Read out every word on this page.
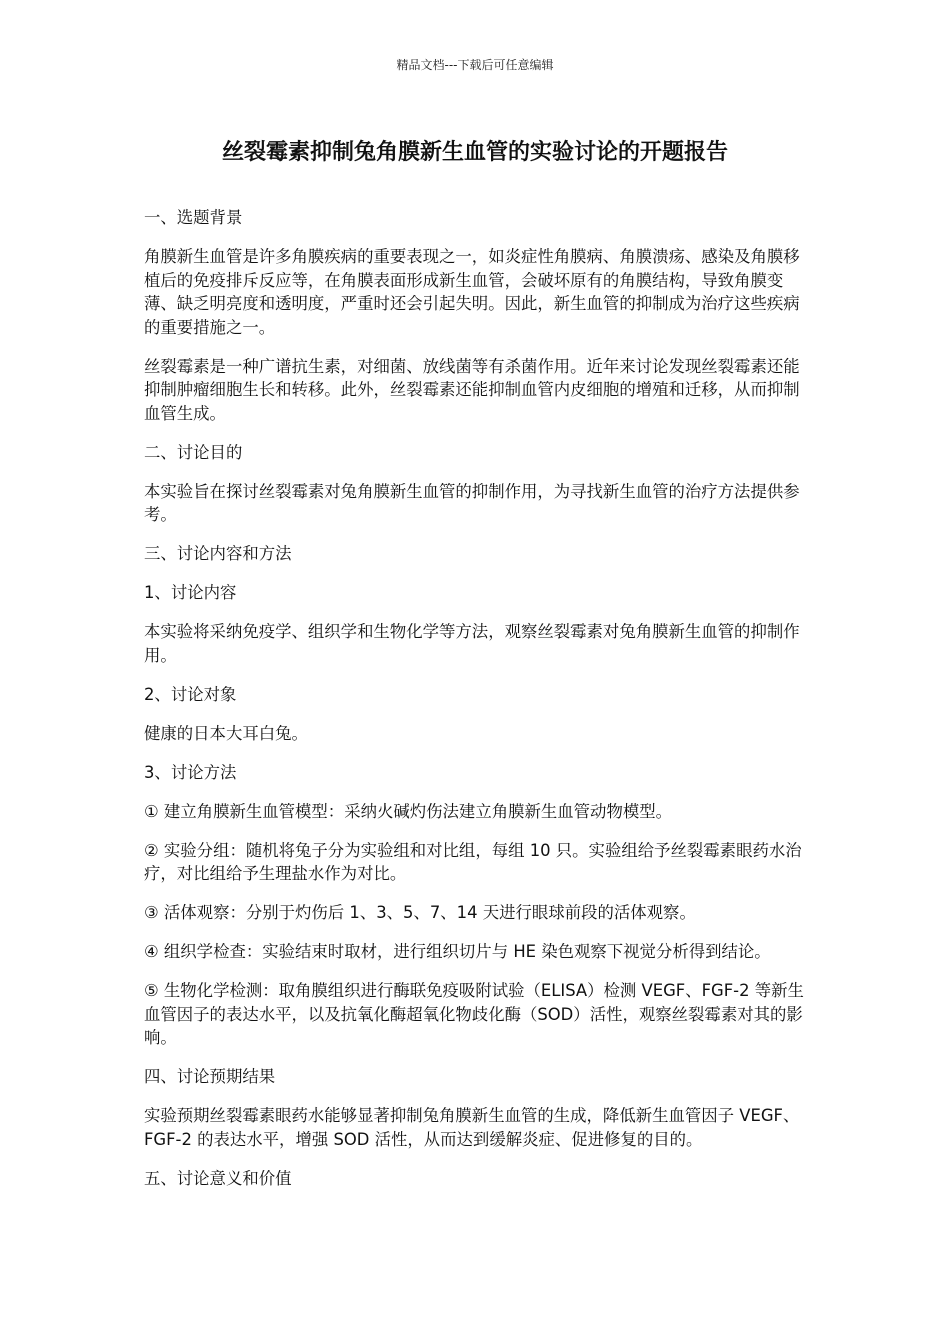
精品文档---下载后可任意编辑
丝裂霉素抑制兔角膜新生血管的实验讨论的开题报告

一、选题背景

角膜新生血管是许多角膜疾病的重要表现之一，如炎症性角膜病、角膜溃疡、感染及角膜移植后的免疫排斥反应等，在角膜表面形成新生血管，会破坏原有的角膜结构，导致角膜变薄、缺乏明亮度和透明度，严重时还会引起失明。因此，新生血管的抑制成为治疗这些疾病的重要措施之一。

丝裂霉素是一种广谱抗生素，对细菌、放线菌等有杀菌作用。近年来讨论发现丝裂霉素还能抑制肿瘤细胞生长和转移。此外，丝裂霉素还能抑制血管内皮细胞的增殖和迁移，从而抑制血管生成。

二、讨论目的

本实验旨在探讨丝裂霉素对兔角膜新生血管的抑制作用，为寻找新生血管的治疗方法提供参考。

三、讨论内容和方法

1、讨论内容

本实验将采纳免疫学、组织学和生物化学等方法，观察丝裂霉素对兔角膜新生血管的抑制作用。

2、讨论对象

健康的日本大耳白兔。

3、讨论方法

① 建立角膜新生血管模型：采纳火碱灼伤法建立角膜新生血管动物模型。

② 实验分组：随机将兔子分为实验组和对比组，每组 10 只。实验组给予丝裂霉素眼药水治疗，对比组给予生理盐水作为对比。

③ 活体观察：分别于灼伤后 1、3、5、7、14 天进行眼球前段的活体观察。

④ 组织学检查：实验结束时取材，进行组织切片与 HE 染色观察下视觉分析得到结论。

⑤ 生物化学检测：取角膜组织进行酶联免疫吸附试验（ELISA）检测 VEGF、FGF-2 等新生血管因子的表达水平，以及抗氧化酶超氧化物歧化酶（SOD）活性，观察丝裂霉素对其的影响。

四、讨论预期结果

实验预期丝裂霉素眼药水能够显著抑制兔角膜新生血管的生成，降低新生血管因子 VEGF、FGF-2 的表达水平，增强 SOD 活性，从而达到缓解炎症、促进修复的目的。

五、讨论意义和价值
